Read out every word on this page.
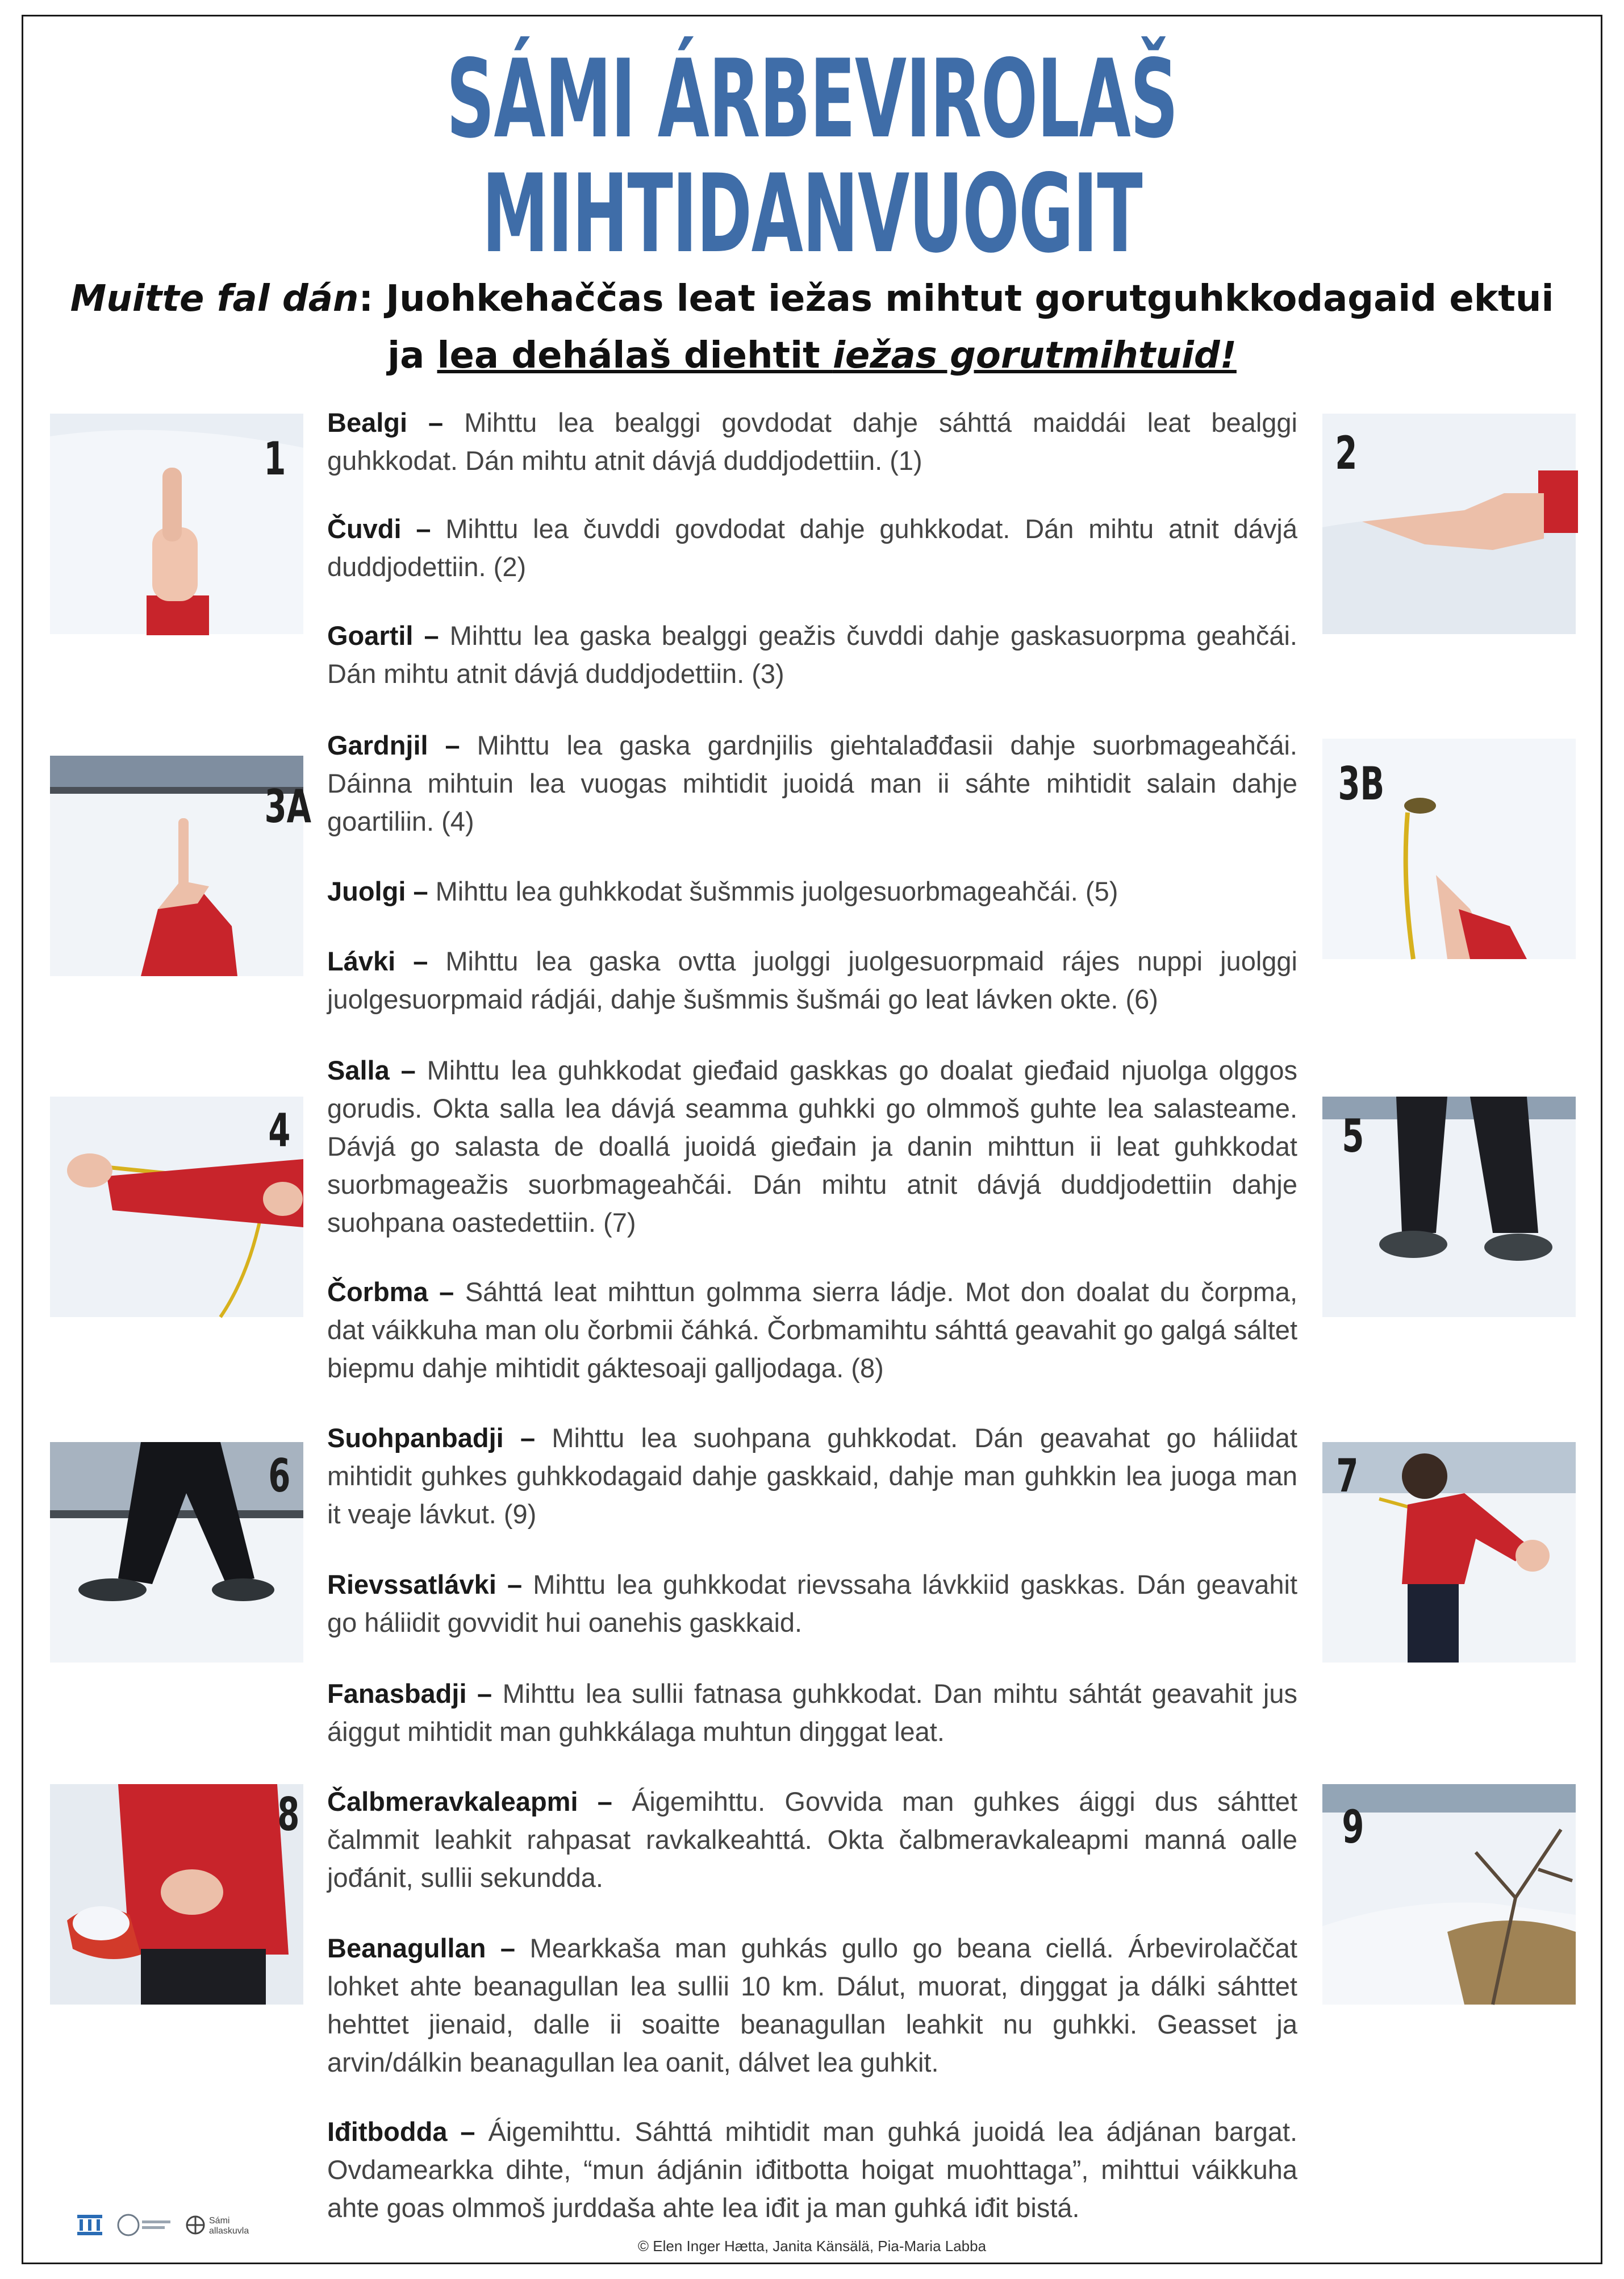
SÁMI ÁRBEVIROLAŠ
MIHTIDANVUOGIT
Muitte fal dán: Juohkehaččas leat iežas mihtut gorutguhkkodagaid ektui
ja lea dehálaš diehtit iežas gorutmihtuid!
Bealgi – Mihttu lea bealggi govdodat dahje sáhttá maiddái leat bealggi guhkkodat. Dán mihtu atnit dávjá duddjodettiin. (1)
Čuvdi – Mihttu lea čuvddi govdodat dahje guhkkodat. Dán mihtu atnit dávjá duddjodettiin. (2)
Goartil – Mihttu lea gaska bealggi geažis čuvddi dahje gaskasuorpma geahčái. Dán mihtu atnit dávjá duddjodettiin. (3)
Gardnjil – Mihttu lea gaska gardnjilis giehtalađđasii dahje suorbmageahčái. Dáinna mihtuin lea vuogas mihtidit juoidá man ii sáhte mihtidit salain dahje goartiliin. (4)
Juolgi – Mihttu lea guhkkodat šušmmis juolgesuorbmageahčái. (5)
Lávki – Mihttu lea gaska ovtta juolggi juolgesuorpmaid rájes nuppi juolggi juolgesuorpmaid rádjái, dahje šušmmis šušmái go leat lávken okte. (6)
Salla – Mihttu lea guhkkodat gieđaid gaskkas go doalat gieđaid njuolga olggos gorudis. Okta salla lea dávjá seamma guhkki go olmmoš guhte lea salasteame. Dávjá go salasta de doallá juoidá gieđain ja danin mihttun ii leat guhkkodat suorbmageažis suorbmageahčái. Dán mihtu atnit dávjá duddjodettiin dahje suohpana oastedettiin. (7)
Čorbma – Sáhttá leat mihttun golmma sierra ládje. Mot don doalat du čorpma, dat váikkuha man olu čorbmii čáhká. Čorbmamihtu sáhttá geavahit go galgá sáltet biepmu dahje mihtidit gáktesoaji galljodaga. (8)
Suohpanbadji – Mihttu lea suohpana guhkkodat. Dán geavahat go háliidat mihtidit guhkes guhkkodagaid dahje gaskkaid, dahje man guhkkin lea juoga man it veaje lávkut. (9)
Rievssatlávki – Mihttu lea guhkkodat rievssaha lávkkiid gaskkas. Dán geavahit go háliidit govvidit hui oanehis gaskkaid.
Fanasbadji – Mihttu lea sullii fatnasa guhkkodat. Dan mihtu sáhtát geavahit jus áiggut mihtidit man guhkkálaga muhtun diŋggat leat.
Čalbmeravkaleapmi – Áigemihttu. Govvida man guhkes áiggi dus sáhttet čalmmit leahkit rahpasat ravkalkeahttá. Okta čalbmeravkaleapmi manná oalle jođánit, sullii sekundda.
Beanagullan – Mearkkaša man guhkás gullo go beana ciellá. Árbevirolaččat lohket ahte beanagullan lea sullii 10 km. Dálut, muorat, diŋggat ja dálki sáhttet hehttet jienaid, dalle ii soaitte beanagullan leahkit nu guhkki. Geasset ja arvin/dálkin beanagullan lea oanit, dálvet lea guhkit.
Iđitbodda – Áigemihttu. Sáhttá mihtidit man guhká juoidá lea ádjánan bargat. Ovdamearkka dihte, “mun ádjánin iđitbotta hoigat muohttaga”, mihttui váikkuha ahte goas olmmoš jurddaša ahte lea iđit ja man guhká iđit bistá.
1	2
3A	3B
4	5
6	7
8	9
Sámi allaskuvla
© Elen Inger Hætta, Janita Känsälä, Pia-Maria Labba
